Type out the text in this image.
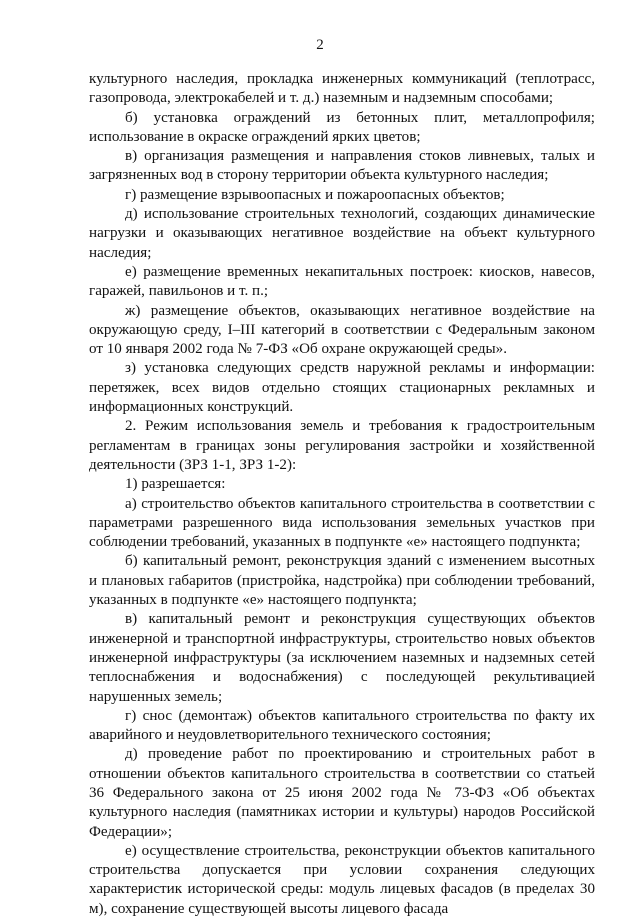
2

культурного наследия, прокладка инженерных коммуникаций (теплотрасс, газопровода, электрокабелей и т. д.) наземным и надземным способами;

б) установка ограждений из бетонных плит, металлопрофиля; использование в окраске ограждений ярких цветов;

в) организация размещения и направления стоков ливневых, талых и загрязненных вод в сторону территории объекта культурного наследия;

г) размещение взрывоопасных и пожароопасных объектов;

д) использование строительных технологий, создающих динамические нагрузки и оказывающих негативное воздействие на объект культурного наследия;

е) размещение временных некапитальных построек: киосков, навесов, гаражей, павильонов и т. п.;

ж) размещение объектов, оказывающих негативное воздействие на окружающую среду, I–III категорий в соответствии с Федеральным законом от 10 января 2002 года № 7-ФЗ «Об охране окружающей среды».

з) установка следующих средств наружной рекламы и информации: перетяжек, всех видов отдельно стоящих стационарных рекламных и информационных конструкций.

2. Режим использования земель и требования к градостроительным регламентам в границах зоны регулирования застройки и хозяйственной деятельности (ЗРЗ 1-1, ЗРЗ 1-2):

1) разрешается:

а) строительство объектов капитального строительства в соответствии с параметрами разрешенного вида использования земельных участков при соблюдении требований, указанных в подпункте «е» настоящего подпункта;

б) капитальный ремонт, реконструкция зданий с изменением высотных и плановых габаритов (пристройка, надстройка) при соблюдении требований, указанных в подпункте «е» настоящего подпункта;

в) капитальный ремонт и реконструкция существующих объектов инженерной и транспортной инфраструктуры, строительство новых объектов инженерной инфраструктуры (за исключением наземных и надземных сетей теплоснабжения и водоснабжения) с последующей рекультивацией нарушенных земель;

г) снос (демонтаж) объектов капитального строительства по факту их аварийного и неудовлетворительного технического состояния;

д) проведение работ по проектированию и строительных работ в отношении объектов капитального строительства в соответствии со статьей 36 Федерального закона от 25 июня 2002 года № 73-ФЗ «Об объектах культурного наследия (памятниках истории и культуры) народов Российской Федерации»;

е) осуществление строительства, реконструкции объектов капитального строительства допускается при условии сохранения следующих характеристик исторической среды: модуль лицевых фасадов (в пределах 30 м), сохранение существующей высоты лицевого фасада
